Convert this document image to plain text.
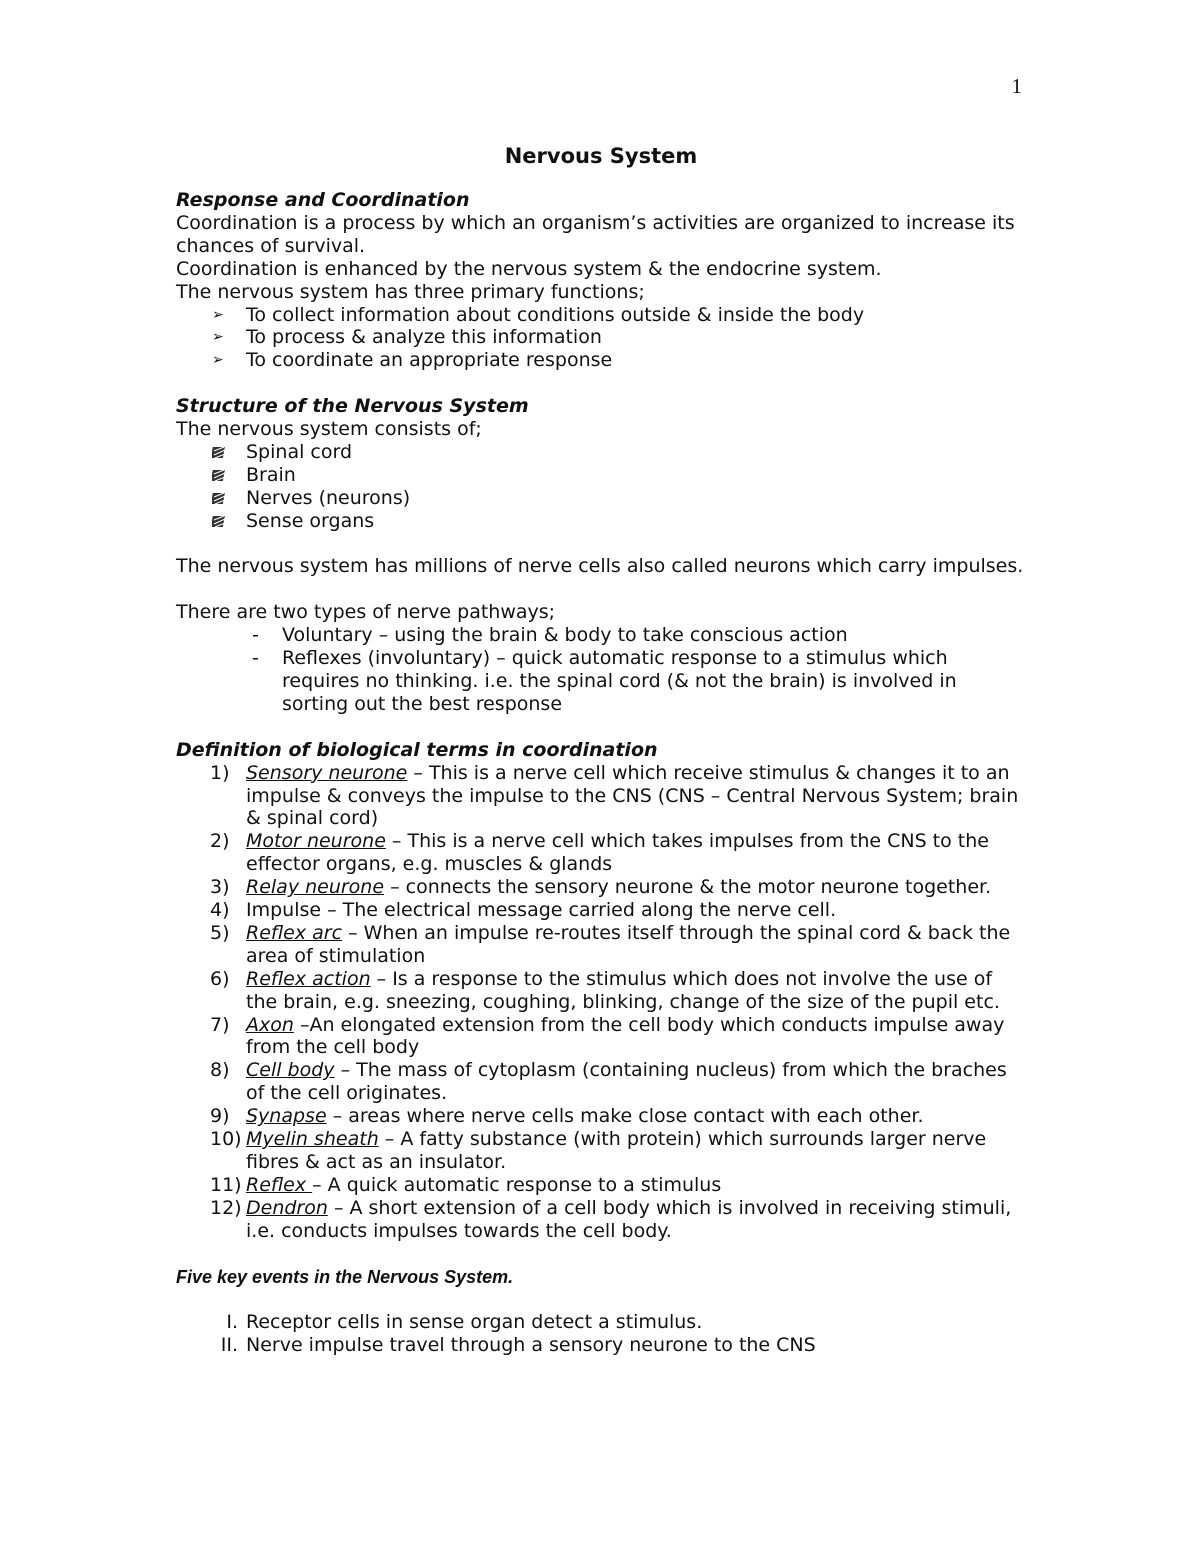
1
Nervous System

Response and Coordination

Coordination is a process by which an organism’s activities are organized to increase its chances of survival.

Coordination is enhanced by the nervous system & the endocrine system.

The nervous system has three primary functions;

➢ To collect information about conditions outside & inside the body
➢ To process & analyze this information
➢ To coordinate an appropriate response

Structure of the Nervous System

The nervous system consists of;

Spinal cord
Brain
Nerves (neurons)
Sense organs

The nervous system has millions of nerve cells also called neurons which carry impulses.

There are two types of nerve pathways;

- Voluntary – using the brain & body to take conscious action
- Reflexes (involuntary) – quick automatic response to a stimulus which requires no thinking. i.e. the spinal cord (& not the brain) is involved in sorting out the best response

Definition of biological terms in coordination

1) Sensory neurone – This is a nerve cell which receive stimulus & changes it to an impulse & conveys the impulse to the CNS (CNS – Central Nervous System; brain & spinal cord)
2) Motor neurone – This is a nerve cell which takes impulses from the CNS to the effector organs, e.g. muscles & glands
3) Relay neurone – connects the sensory neurone & the motor neurone together.
4) Impulse – The electrical message carried along the nerve cell.
5) Reflex arc – When an impulse re-routes itself through the spinal cord & back the area of stimulation
6) Reflex action – Is a response to the stimulus which does not involve the use of the brain, e.g. sneezing, coughing, blinking, change of the size of the pupil etc.
7) Axon –An elongated extension from the cell body which conducts impulse away from the cell body
8) Cell body – The mass of cytoplasm (containing nucleus) from which the braches of the cell originates.
9) Synapse – areas where nerve cells make close contact with each other.
10) Myelin sheath – A fatty substance (with protein) which surrounds larger nerve fibres & act as an insulator.
11) Reflex – A quick automatic response to a stimulus
12) Dendron – A short extension of a cell body which is involved in receiving stimuli, i.e. conducts impulses towards the cell body.

Five key events in the Nervous System.

I. Receptor cells in sense organ detect a stimulus.
II. Nerve impulse travel through a sensory neurone to the CNS
